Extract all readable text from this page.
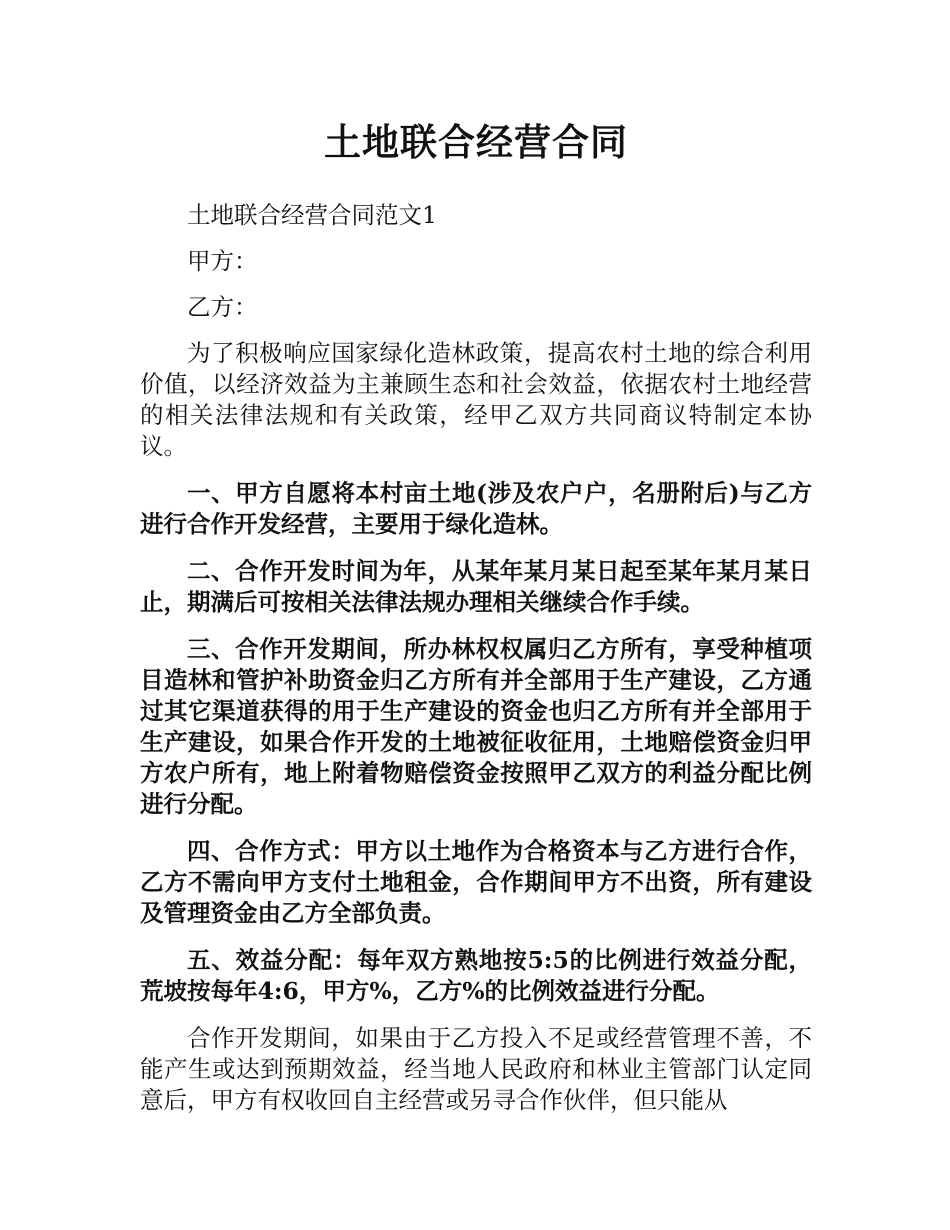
土地联合经营合同

土地联合经营合同范文1

甲方：

乙方：

为了积极响应国家绿化造林政策，提高农村土地的综合利用价值，以经济效益为主兼顾生态和社会效益，依据农村土地经营的相关法律法规和有关政策，经甲乙双方共同商议特制定本协议。

一、甲方自愿将本村亩土地(涉及农户户，名册附后)与乙方进行合作开发经营，主要用于绿化造林。

二、合作开发时间为年，从某年某月某日起至某年某月某日止，期满后可按相关法律法规办理相关继续合作手续。

三、合作开发期间，所办林权权属归乙方所有，享受种植项目造林和管护补助资金归乙方所有并全部用于生产建设，乙方通过其它渠道获得的用于生产建设的资金也归乙方所有并全部用于生产建设，如果合作开发的土地被征收征用，土地赔偿资金归甲方农户所有，地上附着物赔偿资金按照甲乙双方的利益分配比例进行分配。

四、合作方式：甲方以土地作为合格资本与乙方进行合作，乙方不需向甲方支付土地租金，合作期间甲方不出资，所有建设及管理资金由乙方全部负责。

五、效益分配：每年双方熟地按5:5的比例进行效益分配，荒坡按每年4:6，甲方%，乙方%的比例效益进行分配。

合作开发期间，如果由于乙方投入不足或经营管理不善，不能产生或达到预期效益，经当地人民政府和林业主管部门认定同意后，甲方有权收回自主经营或另寻合作伙伴，但只能从
